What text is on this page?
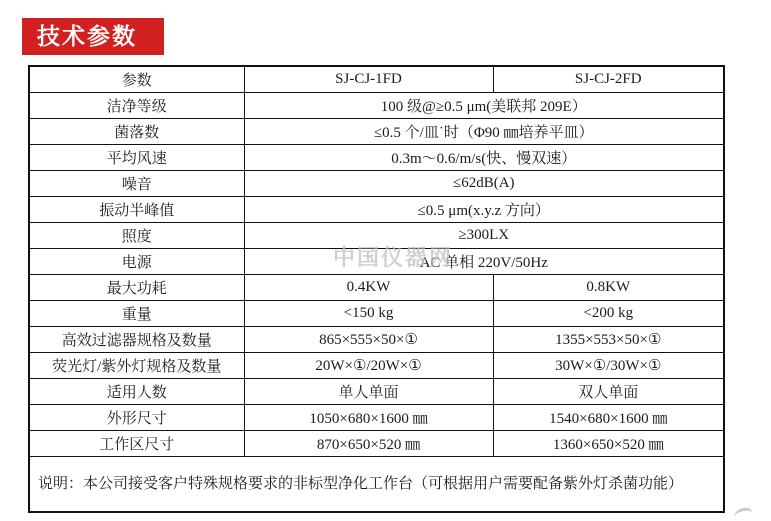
技术参数
中国仪器网
参数	SJ-CJ-1FD	SJ-CJ-2FD
洁净等级	100 级@≥0.5 μm(美联邦 209E）	
菌落数	≤0.5 个/皿˙时（Φ90 ㎜培养平皿）	
平均风速	0.3m～0.6/m/s(快、慢双速）	
噪音	≤62dB(A)	
振动半峰值	≤0.5 μm(x.y.z 方向）	
照度	≥300LX	
电源	AC 单相 220V/50Hz	
最大功耗	0.4KW	0.8KW
重量	<150 kg	<200 kg
高效过滤器规格及数量	865×555×50×①	1355×553×50×①
荧光灯/紫外灯规格及数量	20W×①/20W×①	30W×①/30W×①
适用人数	单人单面	双人单面
外形尺寸	1050×680×1600 ㎜	1540×680×1600 ㎜
工作区尺寸	870×650×520 ㎜	1360×650×520 ㎜
说明：本公司接受客户特殊规格要求的非标型净化工作台（可根据用户需要配备紫外灯杀菌功能）		
